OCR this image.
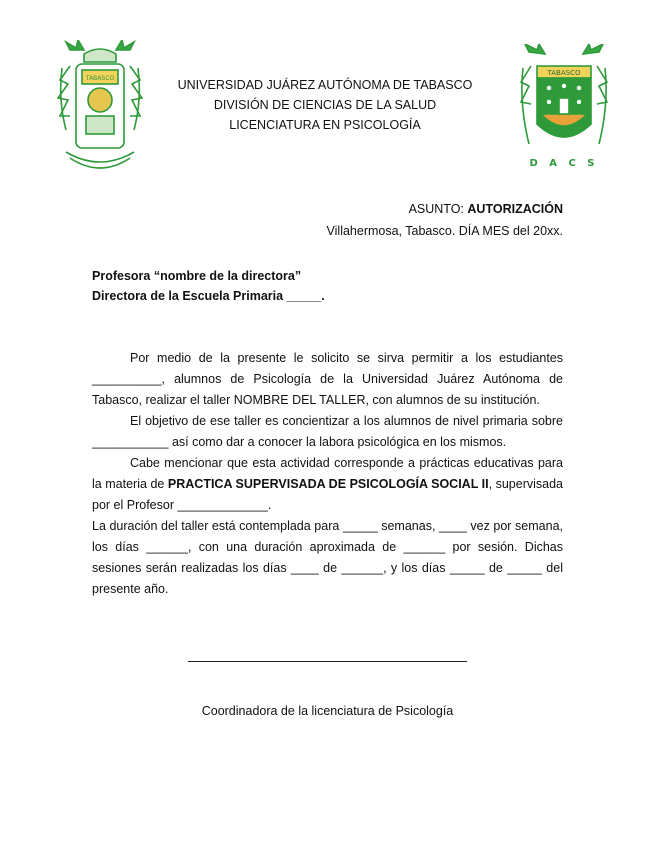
TABASCO	UNIVERSIDAD JUÁREZ AUTÓNOMA DE TABASCO
DIVISIÓN DE CIENCIAS DE LA SALUD
LICENCIATURA EN PSICOLOGÍA
TABASCO
D A C S
ASUNTO: AUTORIZACIÓN
Villahermosa, Tabasco. DÍA MES del 20xx.
Profesora “nombre de la directora”
Directora de la Escuela Primaria _____.

Por medio de la presente le solicito se sirva permitir a los estudiantes __________, alumnos de Psicología de la Universidad Juárez Autónoma de Tabasco, realizar el taller NOMBRE DEL TALLER, con alumnos de su institución.

El objetivo de ese taller es concientizar a los alumnos de nivel primaria sobre ___________ así como dar a conocer la labora psicológica en los mismos.

Cabe mencionar que esta actividad corresponde a prácticas educativas para la materia de PRACTICA SUPERVISADA DE PSICOLOGÍA SOCIAL II, supervisada por el Profesor _____________.

La duración del taller está contemplada para _____ semanas, ____ vez por semana, los días ______, con una duración aproximada de ______ por sesión. Dichas sesiones serán realizadas los días ____ de ______, y los días _____ de _____ del presente año.

Coordinadora de la licenciatura de Psicología
